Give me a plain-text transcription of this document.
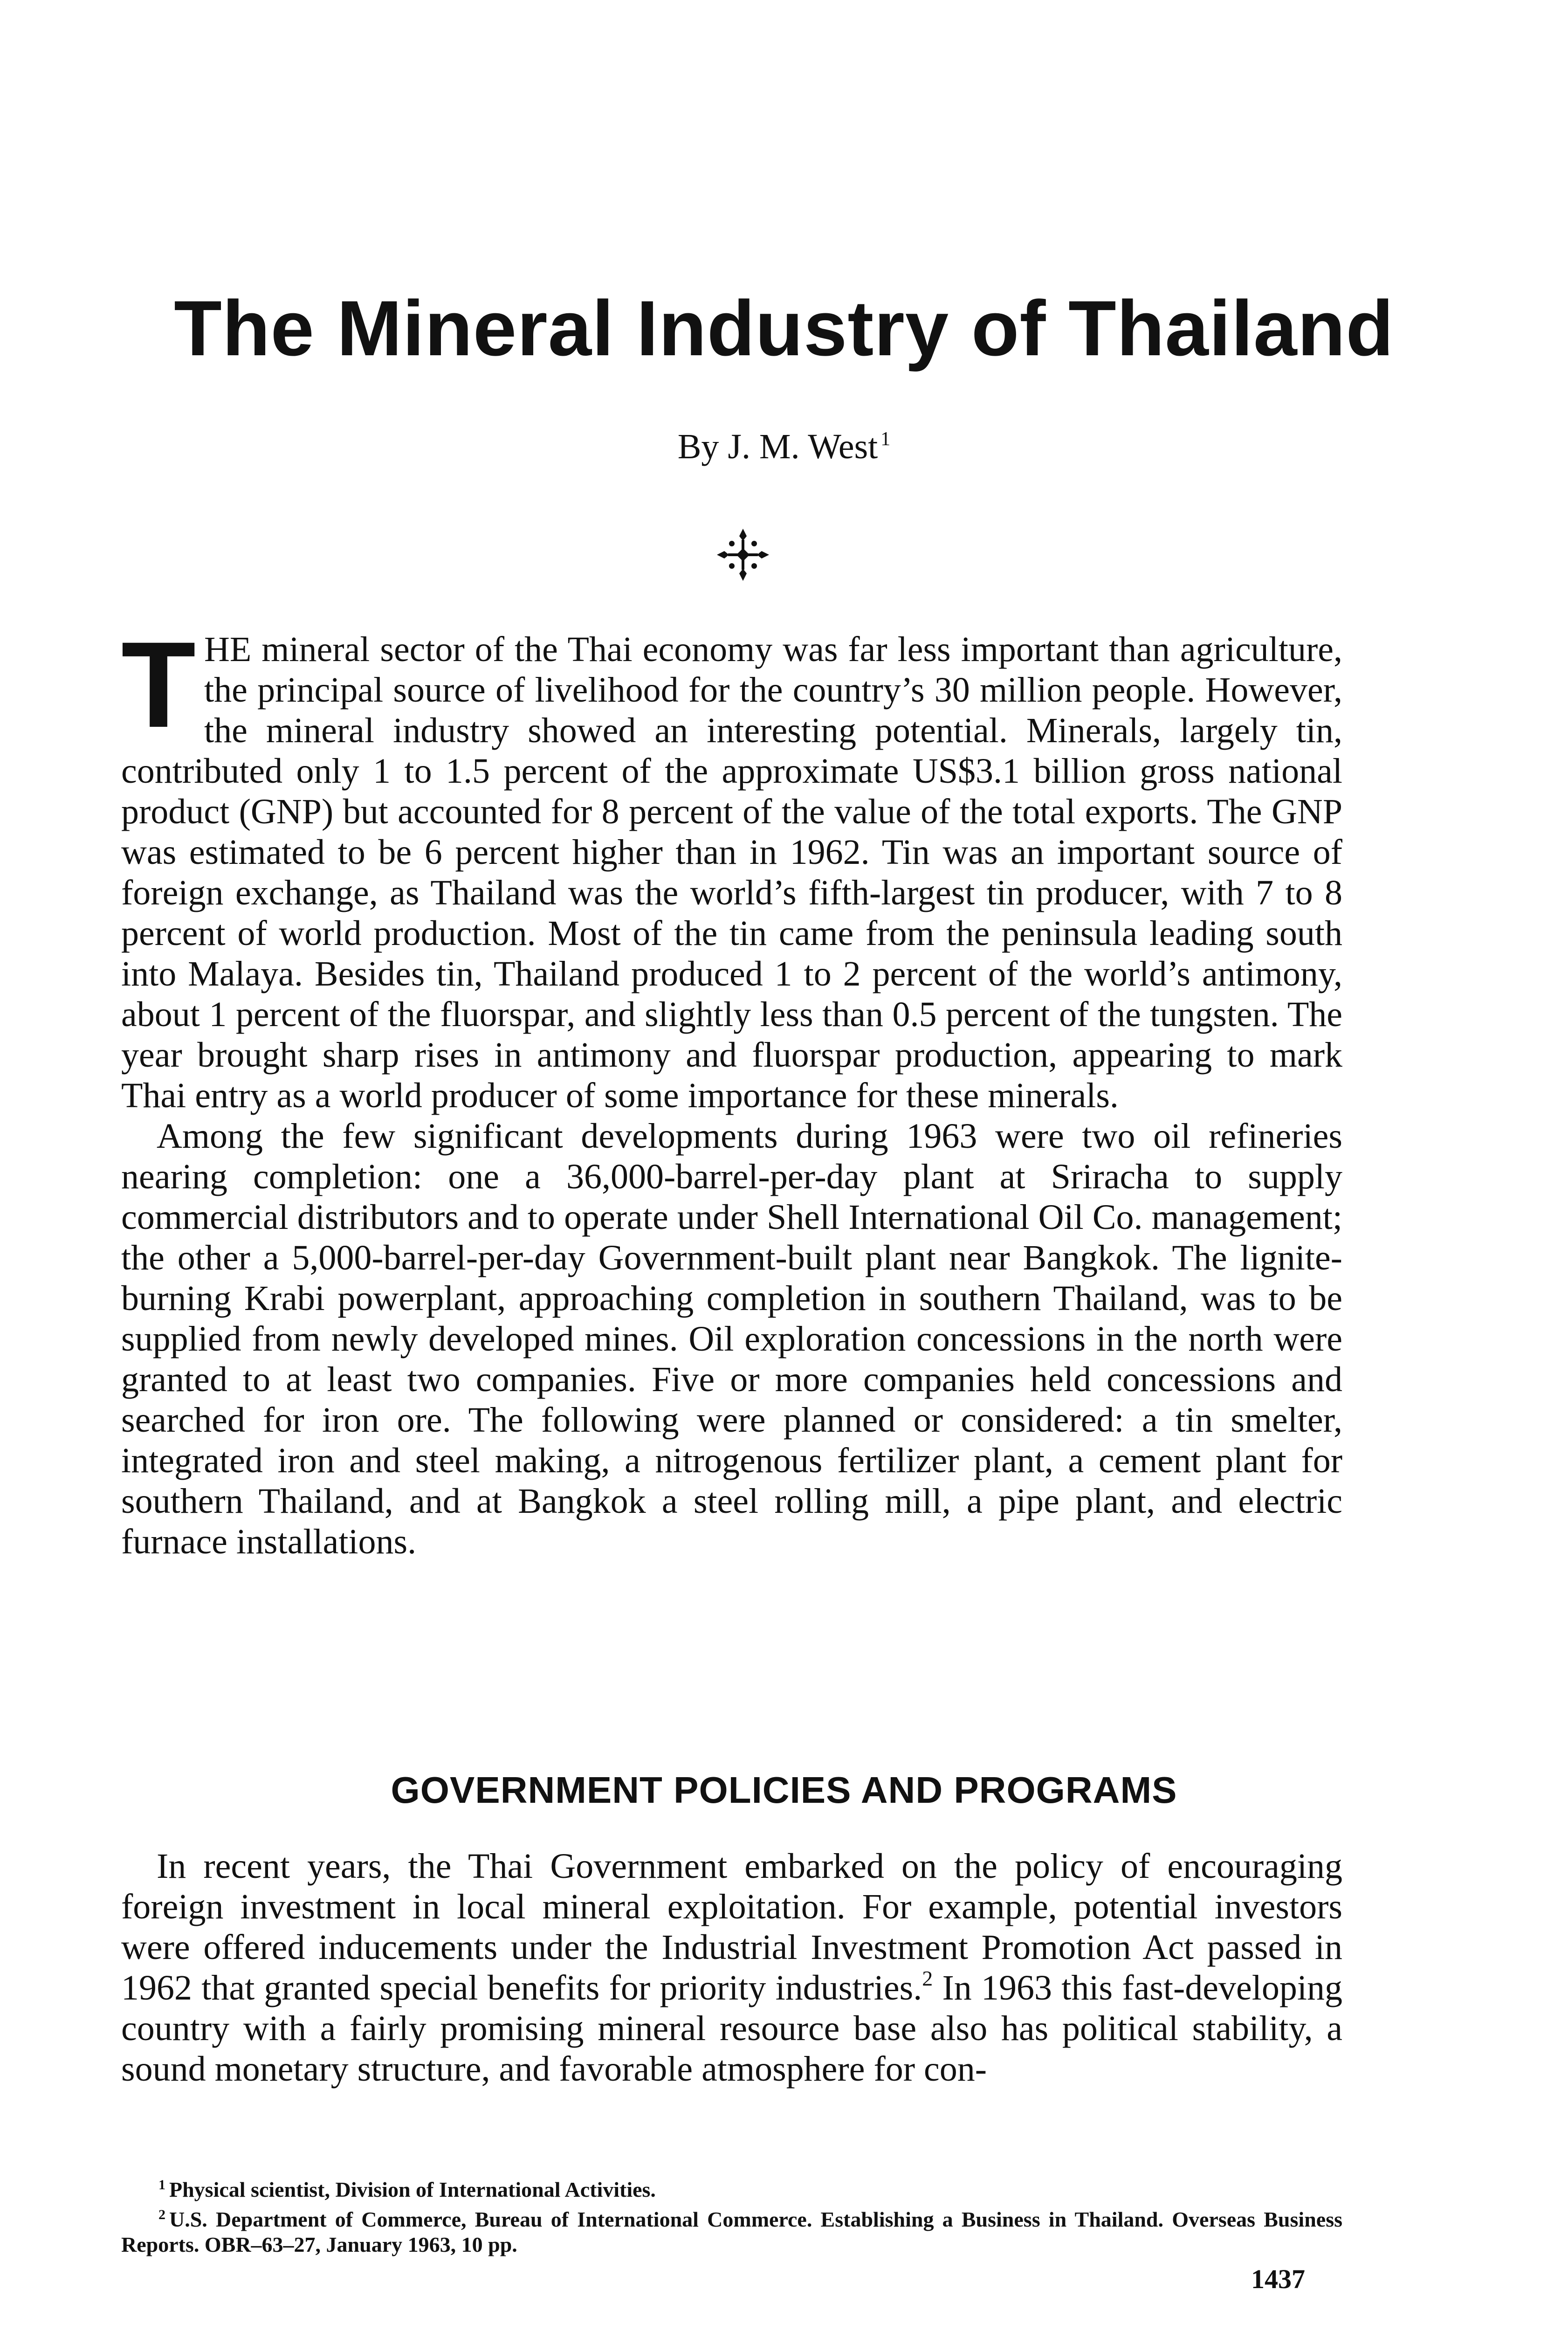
The Mineral Industry of Thailand
By J. M. West $^1$

THE mineral sector of the Thai economy was far less important than agriculture, the principal source of livelihood for the country’s 30 million people. However, the mineral industry showed an interesting potential. Minerals, largely tin, contributed only 1 to 1.5 percent of the approximate US$3.1 billion gross national product (GNP) but accounted for 8 percent of the value of the total exports. The GNP was estimated to be 6 percent higher than in 1962. Tin was an important source of foreign exchange, as Thailand was the world’s fifth-largest tin producer, with 7 to 8 percent of world production. Most of the tin came from the peninsula leading south into Malaya. Besides tin, Thailand produced 1 to 2 percent of the world’s antimony, about 1 percent of the fluorspar, and slightly less than 0.5 percent of the tungsten. The year brought sharp rises in antimony and fluorspar production, appearing to mark Thai entry as a world producer of some importance for these minerals.

Among the few significant developments during 1963 were two oil refineries nearing completion: one a 36,000-barrel-per-day plant at Sriracha to supply commercial distributors and to operate under Shell International Oil Co. management; the other a 5,000-barrel-per-day Government-built plant near Bangkok. The lignite-burning Krabi powerplant, approaching completion in southern Thailand, was to be supplied from newly developed mines. Oil exploration concessions in the north were granted to at least two companies. Five or more companies held concessions and searched for iron ore. The following were planned or considered: a tin smelter, integrated iron and steel making, a nitrogenous fertilizer plant, a cement plant for southern Thailand, and at Bangkok a steel rolling mill, a pipe plant, and electric furnace installations.

GOVERNMENT POLICIES AND PROGRAMS

In recent years, the Thai Government embarked on the policy of encouraging foreign investment in local mineral exploitation. For example, potential investors were offered inducements under the Industrial Investment Promotion Act passed in 1962 that granted special benefits for priority industries.$^2$ In 1963 this fast-developing country with a fairly promising mineral resource base also has political stability, a sound monetary structure, and favorable atmosphere for con-

$^1$ Physical scientist, Division of International Activities.
$^2$ U.S. Department of Commerce, Bureau of International Commerce. Establishing a Business in Thailand. Overseas Business Reports. OBR–63–27, January 1963, 10 pp.
1437
